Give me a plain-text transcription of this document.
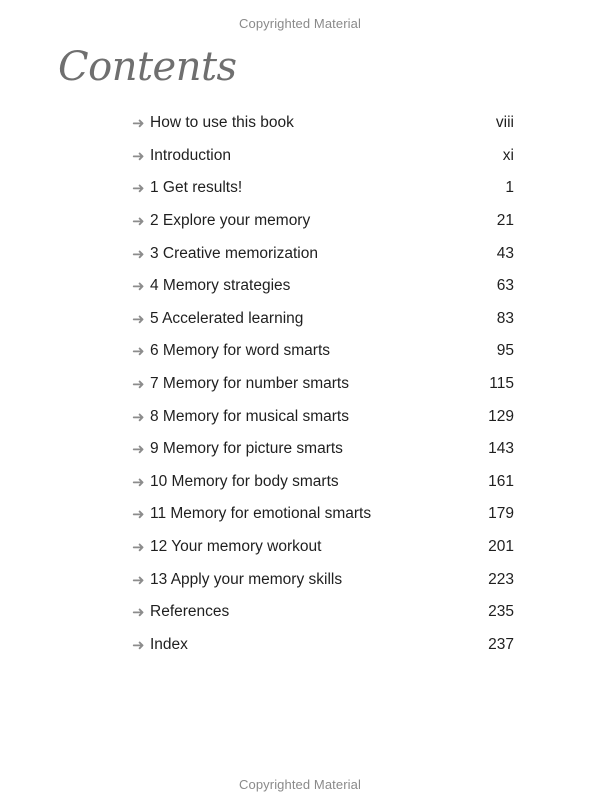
Copyrighted Material
Contents
➜ How to use this book	viii
➜ Introduction	xi
➜ 1 Get results!	1
➜ 2 Explore your memory	21
➜ 3 Creative memorization	43
➜ 4 Memory strategies	63
➜ 5 Accelerated learning	83
➜ 6 Memory for word smarts	95
➜ 7 Memory for number smarts	115
➜ 8 Memory for musical smarts	129
➜ 9 Memory for picture smarts	143
➜ 10 Memory for body smarts	161
➜ 11 Memory for emotional smarts	179
➜ 12 Your memory workout	201
➜ 13 Apply your memory skills	223
➜ References	235
➜ Index	237
Copyrighted Material
